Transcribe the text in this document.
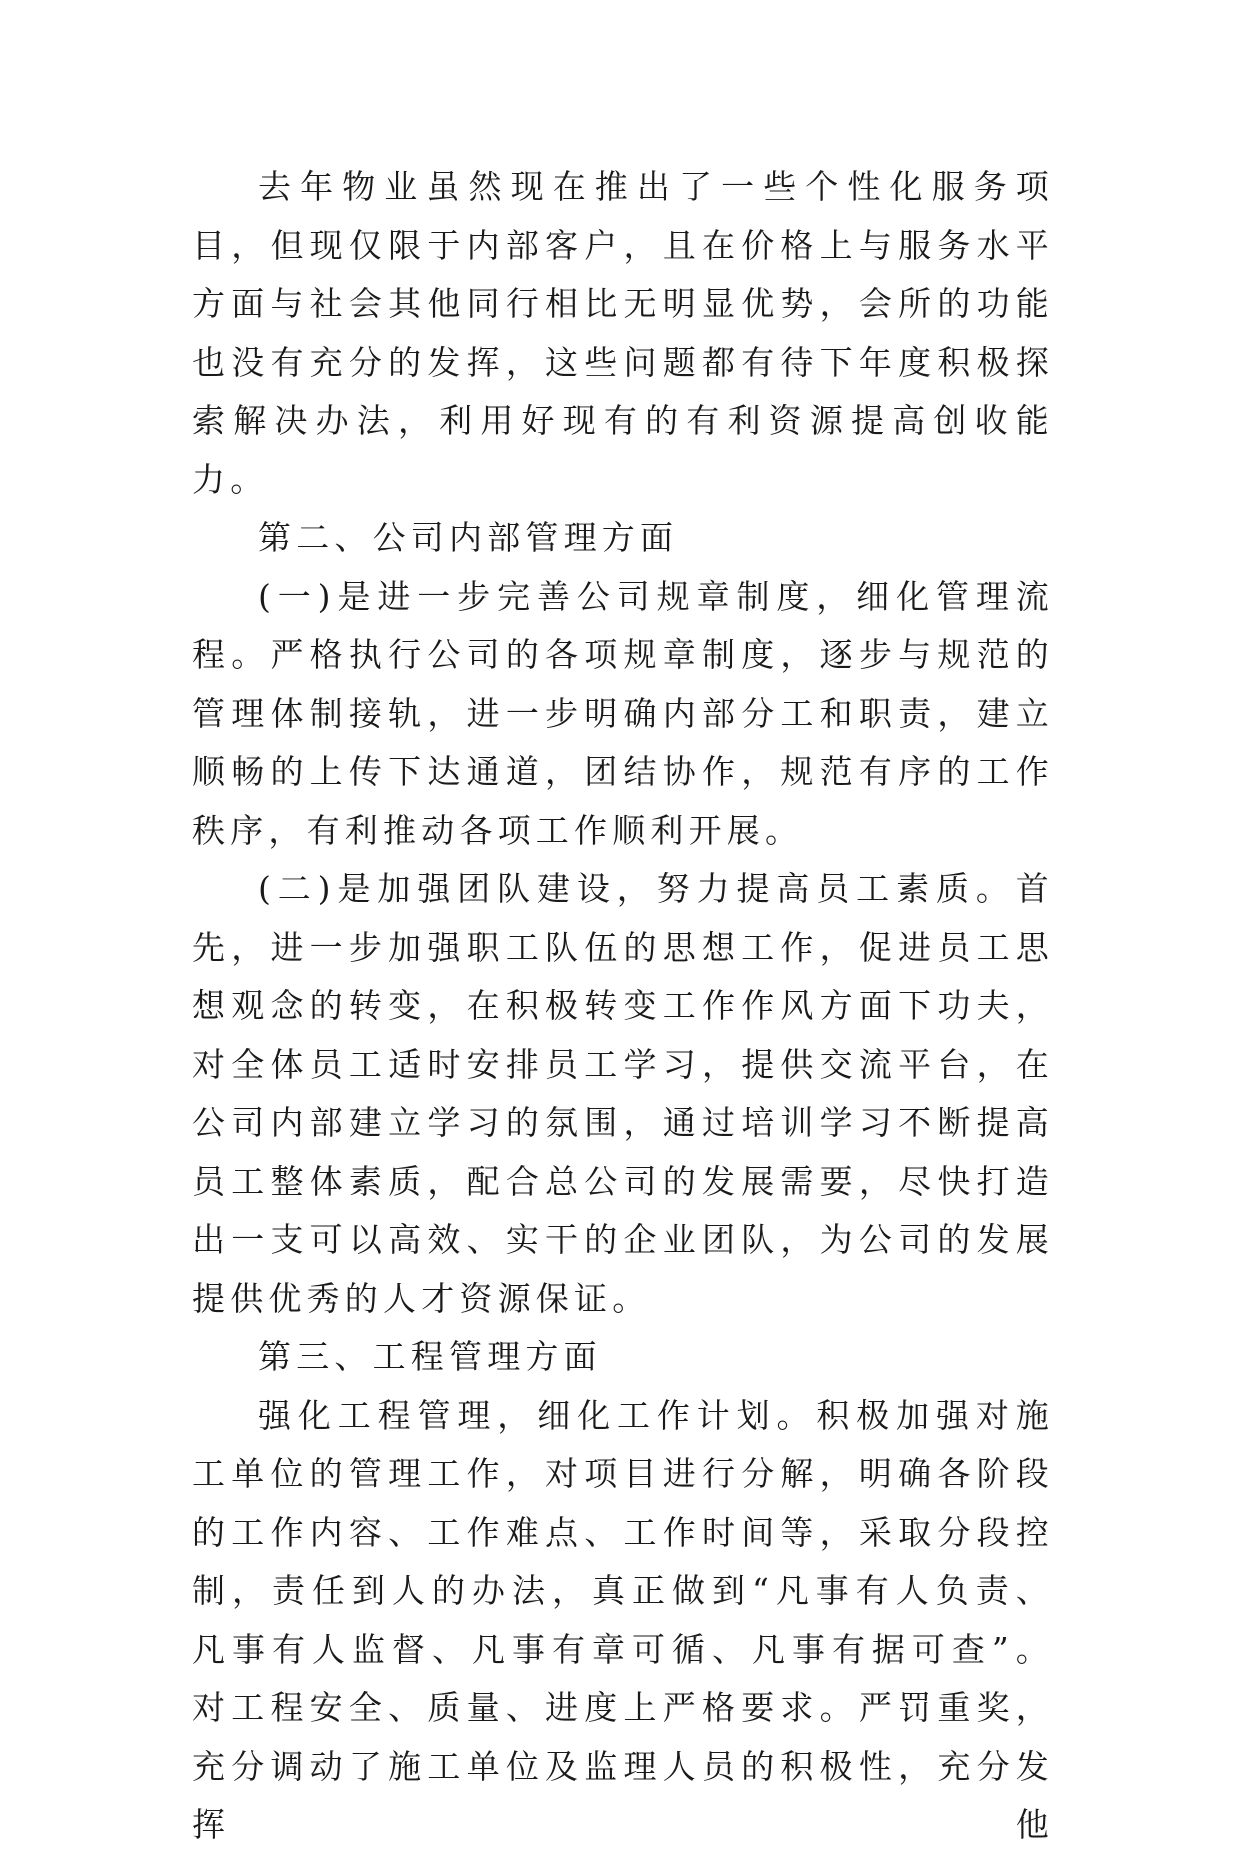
去年物业虽然现在推出了一些个性化服务项目，但现仅限于内部客户，且在价格上与服务水平方面与社会其他同行相比无明显优势，会所的功能也没有充分的发挥，这些问题都有待下年度积极探索解决办法，利用好现有的有利资源提高创收能力。

第二、公司内部管理方面

(一)是进一步完善公司规章制度，细化管理流程。严格执行公司的各项规章制度，逐步与规范的管理体制接轨，进一步明确内部分工和职责，建立顺畅的上传下达通道，团结协作，规范有序的工作秩序，有利推动各项工作顺利开展。

(二)是加强团队建设，努力提高员工素质。首先，进一步加强职工队伍的思想工作，促进员工思想观念的转变，在积极转变工作作风方面下功夫，对全体员工适时安排员工学习，提供交流平台，在公司内部建立学习的氛围，通过培训学习不断提高员工整体素质，配合总公司的发展需要，尽快打造出一支可以高效、实干的企业团队，为公司的发展提供优秀的人才资源保证。

第三、工程管理方面

强化工程管理，细化工作计划。积极加强对施工单位的管理工作，对项目进行分解，明确各阶段的工作内容、工作难点、工作时间等，采取分段控制，责任到人的办法，真正做到“凡事有人负责、凡事有人监督、凡事有章可循、凡事有据可查”。对工程安全、质量、进度上严格要求。严罚重奖，充分调动了施工单位及监理人员的积极性，充分发挥他
